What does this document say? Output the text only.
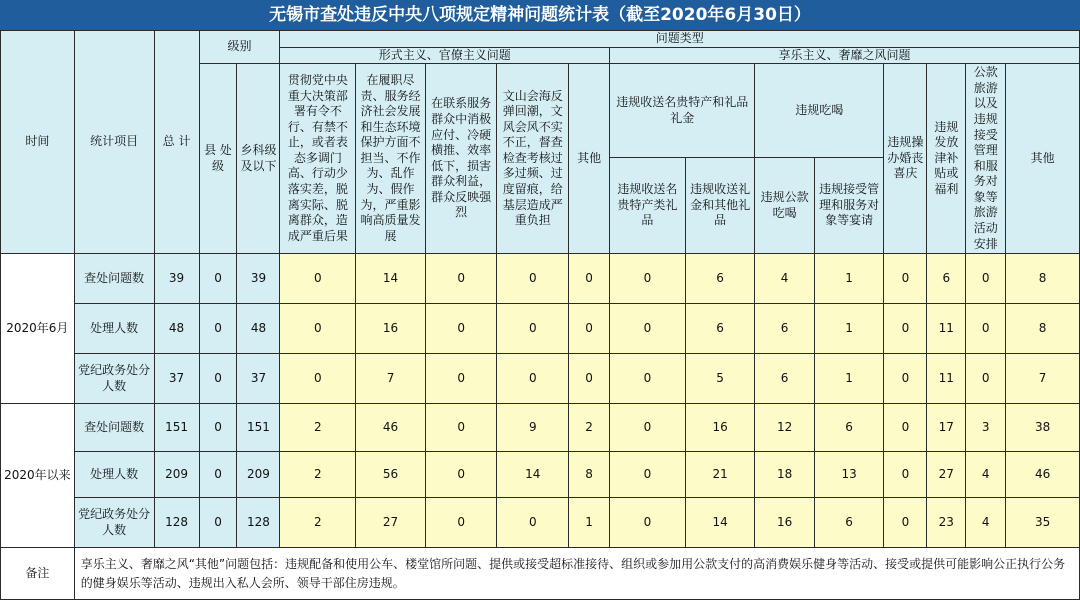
无锡市查处违反中央八项规定精神问题统计表（截至2020年6月30日）
时间	统计项目	总 计	级别		问题类型												
					形式主义、官僚主义问题					享乐主义、奢靡之风问题							
			县 处级	乡科级及以下	贯彻党中央重大决策部署有令不行、有禁不止，或者表态多调门高、行动少落实差，脱离实际、脱离群众，造成严重后果	在履职尽责、服务经济社会发展和生态环境保护方面不担当、不作为、乱作为、假作为，严重影响高质量发展	在联系服务群众中消极应付、冷硬横推、效率低下，损害群众利益，群众反映强烈	文山会海反弹回潮，文风会风不实不正，督查检查考核过多过频、过度留痕，给基层造成严重负担	其他	违规收送名贵特产和礼品礼金		违规吃喝		违规操办婚丧喜庆	违规发放津补贴或福利	公款旅游以及违规接受管理和服务对象等旅游活动安排	其他
										违规收送名贵特产类礼品	违规收送礼金和其他礼品	违规公款吃喝	违规接受管理和服务对象等宴请				
2020年6月	查处问题数	39	0	39	0	14	0	0	0	0	6	4	1	0	6	0	8
	处理人数	48	0	48	0	16	0	0	0	0	6	6	1	0	11	0	8
	党纪政务处分人数	37	0	37	0	7	0	0	0	0	5	6	1	0	11	0	7
2020年以来	查处问题数	151	0	151	2	46	0	9	2	0	16	12	6	0	17	3	38
	处理人数	209	0	209	2	56	0	14	8	0	21	18	13	0	27	4	46
	党纪政务处分人数	128	0	128	2	27	0	0	1	0	14	16	6	0	23	4	35
备注	享乐主义、奢靡之风“其他”问题包括：违规配备和使用公车、楼堂馆所问题、提供或接受超标准接待、组织或参加用公款支付的高消费娱乐健身等活动、接受或提供可能影响公正执行公务的健身娱乐等活动、违规出入私人会所、领导干部住房违规。																
